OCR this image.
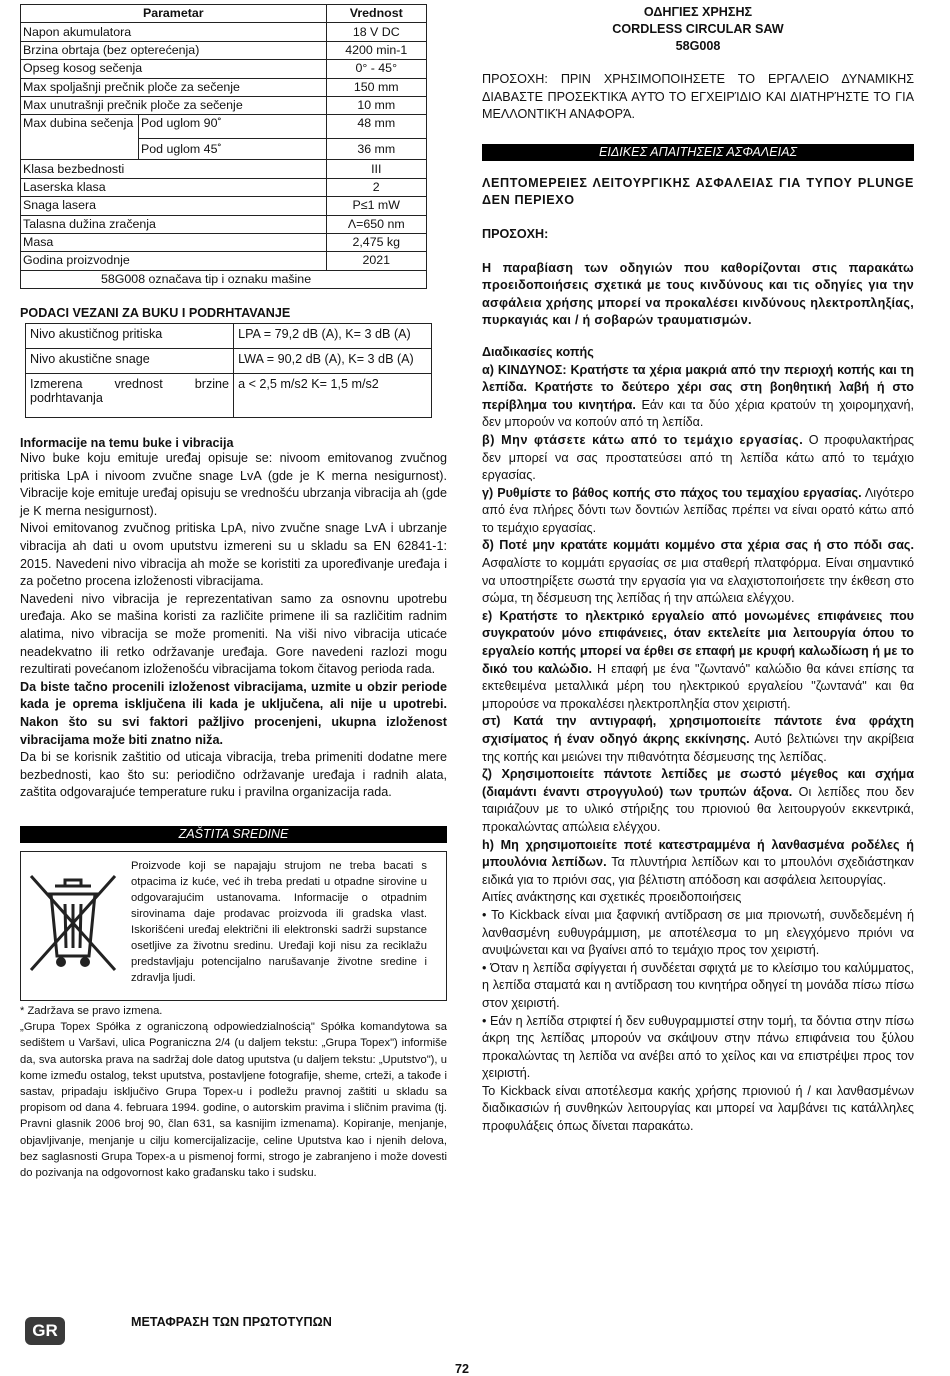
Parametar		Vrednost
Napon akumulatora		18 V DC
Brzina obrtaja (bez opterećenja)		4200 min-1
Opseg kosog sečenja		0° - 45°
Max spoljašnji prečnik ploče za sečenje		150 mm
Max unutrašnji prečnik ploče za sečenje		10 mm
Max dubina sečenja	Pod uglom 90˚	48 mm
	Pod uglom 45˚	36 mm
Klasa bezbednosti		III
Laserska klasa		2
Snaga lasera		P≤1 mW
Talasna dužina zračenja		Λ=650 nm
Masa		2,475 kg
Godina proizvodnje		2021
58G008 označava tip i oznaku mašine		
PODACI VEZANI ZA BUKU I PODRHTAVANJE
Nivo akustičnog pritiska	LPA = 79,2 dB (A), K= 3 dB (A)
Nivo akustične snage	LWA = 90,2 dB (A), K= 3 dB (A)
Izmerena vrednost brzine podrhtavanja	a < 2,5 m/s2 K= 1,5 m/s2
Informacije na temu buke i vibracija

Nivo buke koju emituje uređaj opisuje se: nivoom emitovanog zvučnog pritiska LpA i nivoom zvučne snage LvA (gde je K merna nesigurnost). Vibracije koje emituje uređaj opisuju se vrednošću ubrzanja vibracija ah (gde je K merna nesigurnost).

Nivoi emitovanog zvučnog pritiska LpA, nivo zvučne snage LvA i ubrzanje vibracija ah dati u ovom uputstvu izmereni su u skladu sa EN 62841-1: 2015. Navedeni nivo vibracija ah može se koristiti za upoređivanje uređaja i za početno procena izloženosti vibracijama.

Navedeni nivo vibracija je reprezentativan samo za osnovnu upotrebu uređaja. Ako se mašina koristi za različite primene ili sa različitim radnim alatima, nivo vibracija se može promeniti. Na viši nivo vibracija uticaće neadekvatno ili retko održavanje uređaja. Gore navedeni razlozi mogu rezultirati povećanom izloženošću vibracijama tokom čitavog perioda rada.

Da biste tačno procenili izloženost vibracijama, uzmite u obzir periode kada je oprema isključena ili kada je uključena, ali nije u upotrebi. Nakon što su svi faktori pažljivo procenjeni, ukupna izloženost vibracijama može biti znatno niža.

Da bi se korisnik zaštitio od uticaja vibracija, treba primeniti dodatne mere bezbednosti, kao što su: periodično održavanje uređaja i radnih alata, zaštita odgovarajuće temperature ruku i pravilna organizacija rada.

ZAŠTITA SREDINE
Proizvode koji se napajaju strujom ne treba bacati s otpacima iz kuće, već ih treba predati u otpadne sirovine u odgovarajućim ustanovama. Informacije o otpadnim sirovinama daje prodavac proizvoda ili gradska vlast. Iskorišćeni uređaj električni ili elektronski sadrži supstance osetljive za životnu sredinu. Uređaji koji nisu za reciklažu predstavljaju potencijalno narušavanje životne sredine i zdravlja ljudi.

* Zadržava se pravo izmena.

„Grupa Topex Spółka z ograniczoną odpowiedzialnością" Spółka komandytowa sa sedištem u Varšavi, ulica Pograniczna 2/4 (u daljem tekstu: „Grupa Topex") informiše da, sva autorska prava na sadržaj dole datog uputstva (u daljem tekstu: „Uputstvo"), u kome između ostalog, tekst uputstva, postavljene fotografije, sheme, crteži, a takođe i sastav, pripadaju isključivo Grupa Topex-u i podležu pravnoj zaštiti u skladu sa propisom od dana 4. februara 1994. godine, o autorskim pravima i sličnim pravima (tj. Pravni glasnik 2006 broj 90, član 631, sa kasnijim izmenama). Kopiranje, menjanje, objavljivanje, menjanje u cilju komercijalizacije, celine Uputstva kao i njenih delova, bez saglasnosti Grupa Topex-a u pismenoj formi, strogo je zabranjeno i može dovesti do pozivanja na odgovornost kako građansku tako i sudsku.

ΟΔΗΓΙΕΣ ΧΡΗΣΗΣ
CORDLESS CIRCULAR SAW
58G008

ΠΡΟΣΟΧΗ: ΠΡΙΝ ΧΡΗΣΙΜΟΠΟΙΗΣΕΤΕ ΤΟ ΕΡΓΑΛΕΙΟ ΔΥΝΑΜΙΚΗΣ ΔΙΑΒΑΣΤΕ ΠΡΟΣΕΚΤΙΚΆ ΑΥΤΌ ΤΟ ΕΓΧΕΙΡΊΔΙΟ ΚΑΙ ΔΙΑΤΗΡΉΣΤΕ ΤΟ ΓΙΑ ΜΕΛΛΟΝΤΙΚΉ ΑΝΑΦΟΡΆ.

ΕΙΔΙΚΕΣ ΑΠΑΙΤΗΣΕΙΣ ΑΣΦΑΛΕΙΑΣ

ΛΕΠΤΟΜΕΡΕΙΕΣ ΛΕΙΤΟΥΡΓΙΚΗΣ ΑΣΦΑΛΕΙΑΣ ΓΙΑ ΤΥΠΟΥ PLUNGE ΔΕΝ ΠΕΡΙΕΧΟ

ΠΡΟΣΟΧΗ:

Η παραβίαση των οδηγιών που καθορίζονται στις παρακάτω προειδοποιήσεις σχετικά με τους κινδύνους και τις οδηγίες για την ασφάλεια χρήσης μπορεί να προκαλέσει κινδύνους ηλεκτροπληξίας, πυρκαγιάς και / ή σοβαρών τραυματισμών.

Διαδικασίες κοπής

α) ΚΙΝΔΥΝΟΣ: Κρατήστε τα χέρια μακριά από την περιοχή κοπής και τη λεπίδα. Κρατήστε το δεύτερο χέρι σας στη βοηθητική λαβή ή στο περίβλημα του κινητήρα. Εάν και τα δύο χέρια κρατούν τη χοιρομηχανή, δεν μπορούν να κοπούν από τη λεπίδα.

β) Μην φτάσετε κάτω από το τεμάχιο εργασίας. Ο προφυλακτήρας δεν μπορεί να σας προστατεύσει από τη λεπίδα κάτω από το τεμάχιο εργασίας.

γ) Ρυθμίστε το βάθος κοπής στο πάχος του τεμαχίου εργασίας. Λιγότερο από ένα πλήρες δόντι των δοντιών λεπίδας πρέπει να είναι ορατό κάτω από το τεμάχιο εργασίας.

δ) Ποτέ μην κρατάτε κομμάτι κομμένο στα χέρια σας ή στο πόδι σας. Ασφαλίστε το κομμάτι εργασίας σε μια σταθερή πλατφόρμα. Είναι σημαντικό να υποστηρίξετε σωστά την εργασία για να ελαχιστοποιήσετε την έκθεση στο σώμα, τη δέσμευση της λεπίδας ή την απώλεια ελέγχου.

ε) Κρατήστε το ηλεκτρικό εργαλείο από μονωμένες επιφάνειες που συγκρατούν μόνο επιφάνειες, όταν εκτελείτε μια λειτουργία όπου το εργαλείο κοπής μπορεί να έρθει σε επαφή με κρυφή καλωδίωση ή με το δικό του καλώδιο. Η επαφή με ένα "ζωντανό" καλώδιο θα κάνει επίσης τα εκτεθειμένα μεταλλικά μέρη του ηλεκτρικού εργαλείου "ζωντανά" και θα μπορούσε να προκαλέσει ηλεκτροπληξία στον χειριστή.

στ) Κατά την αντιγραφή, χρησιμοποιείτε πάντοτε ένα φράχτη σχισίματος ή έναν οδηγό άκρης εκκίνησης. Αυτό βελτιώνει την ακρίβεια της κοπής και μειώνει την πιθανότητα δέσμευσης της λεπίδας.

ζ) Χρησιμοποιείτε πάντοτε λεπίδες με σωστό μέγεθος και σχήμα (διαμάντι έναντι στρογγυλού) των τρυπών άξονα. Οι λεπίδες που δεν ταιριάζουν με το υλικό στήριξης του πριονιού θα λειτουργούν εκκεντρικά, προκαλώντας απώλεια ελέγχου.

h) Μη χρησιμοποιείτε ποτέ κατεστραμμένα ή λανθασμένα ροδέλες ή μπουλόνια λεπίδων. Τα πλυντήρια λεπίδων και το μπουλόνι σχεδιάστηκαν ειδικά για το πριόνι σας, για βέλτιστη απόδοση και ασφάλεια λειτουργίας.

Αιτίες ανάκτησης και σχετικές προειδοποιήσεις

• Το Kickback είναι μια ξαφνική αντίδραση σε μια πριονωτή, συνδεδεμένη ή λανθασμένη ευθυγράμμιση, με αποτέλεσμα το μη ελεγχόμενο πριόνι να ανυψώνεται και να βγαίνει από το τεμάχιο προς τον χειριστή.

• Όταν η λεπίδα σφίγγεται ή συνδέεται σφιχτά με το κλείσιμο του καλύμματος, η λεπίδα σταματά και η αντίδραση του κινητήρα οδηγεί τη μονάδα πίσω πίσω στον χειριστή.

• Εάν η λεπίδα στριφτεί ή δεν ευθυγραμμιστεί στην τομή, τα δόντια στην πίσω άκρη της λεπίδας μπορούν να σκάψουν στην πάνω επιφάνεια του ξύλου προκαλώντας τη λεπίδα να ανέβει από το χείλος και να επιστρέψει προς τον χειριστή.

Το Kickback είναι αποτέλεσμα κακής χρήσης πριονιού ή / και λανθασμένων διαδικασιών ή συνθηκών λειτουργίας και μπορεί να λαμβάνει τις κατάλληλες προφυλάξεις όπως δίνεται παρακάτω.

GR	ΜΕΤΑΦΡΑΣΗ ΤΩΝ ΠΡΩΤΟΤΥΠΩΝ
72
